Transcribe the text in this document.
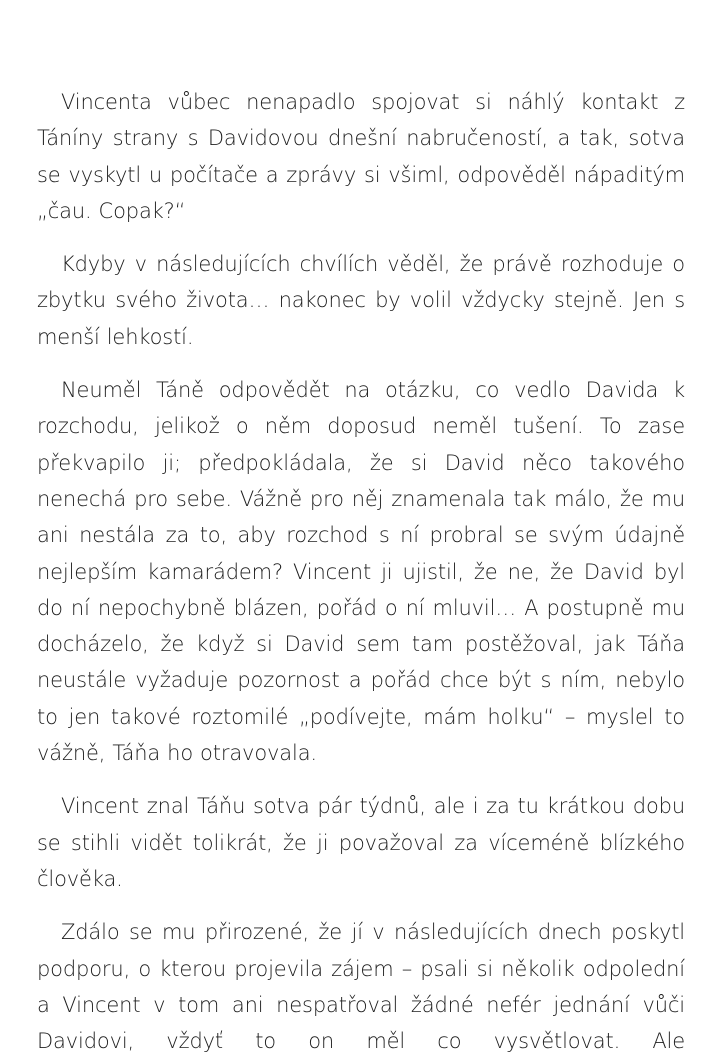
Vincenta vůbec nenapadlo spojovat si náhlý kontakt z Táníny strany s Davidovou dnešní nabručeností, a tak, sotva se vyskytl u počítače a zprávy si všiml, odpověděl nápaditým „čau. Copak?“

Kdyby v následujících chvílích věděl, že právě rozhoduje o zbytku svého života… nakonec by volil vždycky stejně. Jen s menší lehkostí.

Neuměl Táně odpovědět na otázku, co vedlo Davida k rozchodu, jelikož o něm doposud neměl tušení. To zase překvapilo ji; předpokládala, že si David něco takového nenechá pro sebe. Vážně pro něj znamenala tak málo, že mu ani nestála za to, aby rozchod s ní probral se svým údajně nejlepším kamarádem? Vincent ji ujistil, že ne, že David byl do ní nepochybně blázen, pořád o ní mluvil… A postupně mu docházelo, že když si David sem tam postěžoval, jak Táňa neustále vyžaduje pozornost a pořád chce být s ním, nebylo to jen takové roztomilé „podívejte, mám holku“ – myslel to vážně, Táňa ho otravovala.

Vincent znal Táňu sotva pár týdnů, ale i za tu krátkou dobu se stihli vidět tolikrát, že ji považoval za víceméně blízkého člověka.

Zdálo se mu přirozené, že jí v následujících dnech poskytl podporu, o kterou projevila zájem – psali si několik odpolední a Vincent v tom ani nespatřoval žádné nefér jednání vůči Davidovi, vždyť to on měl co vysvětlovat. Ale
